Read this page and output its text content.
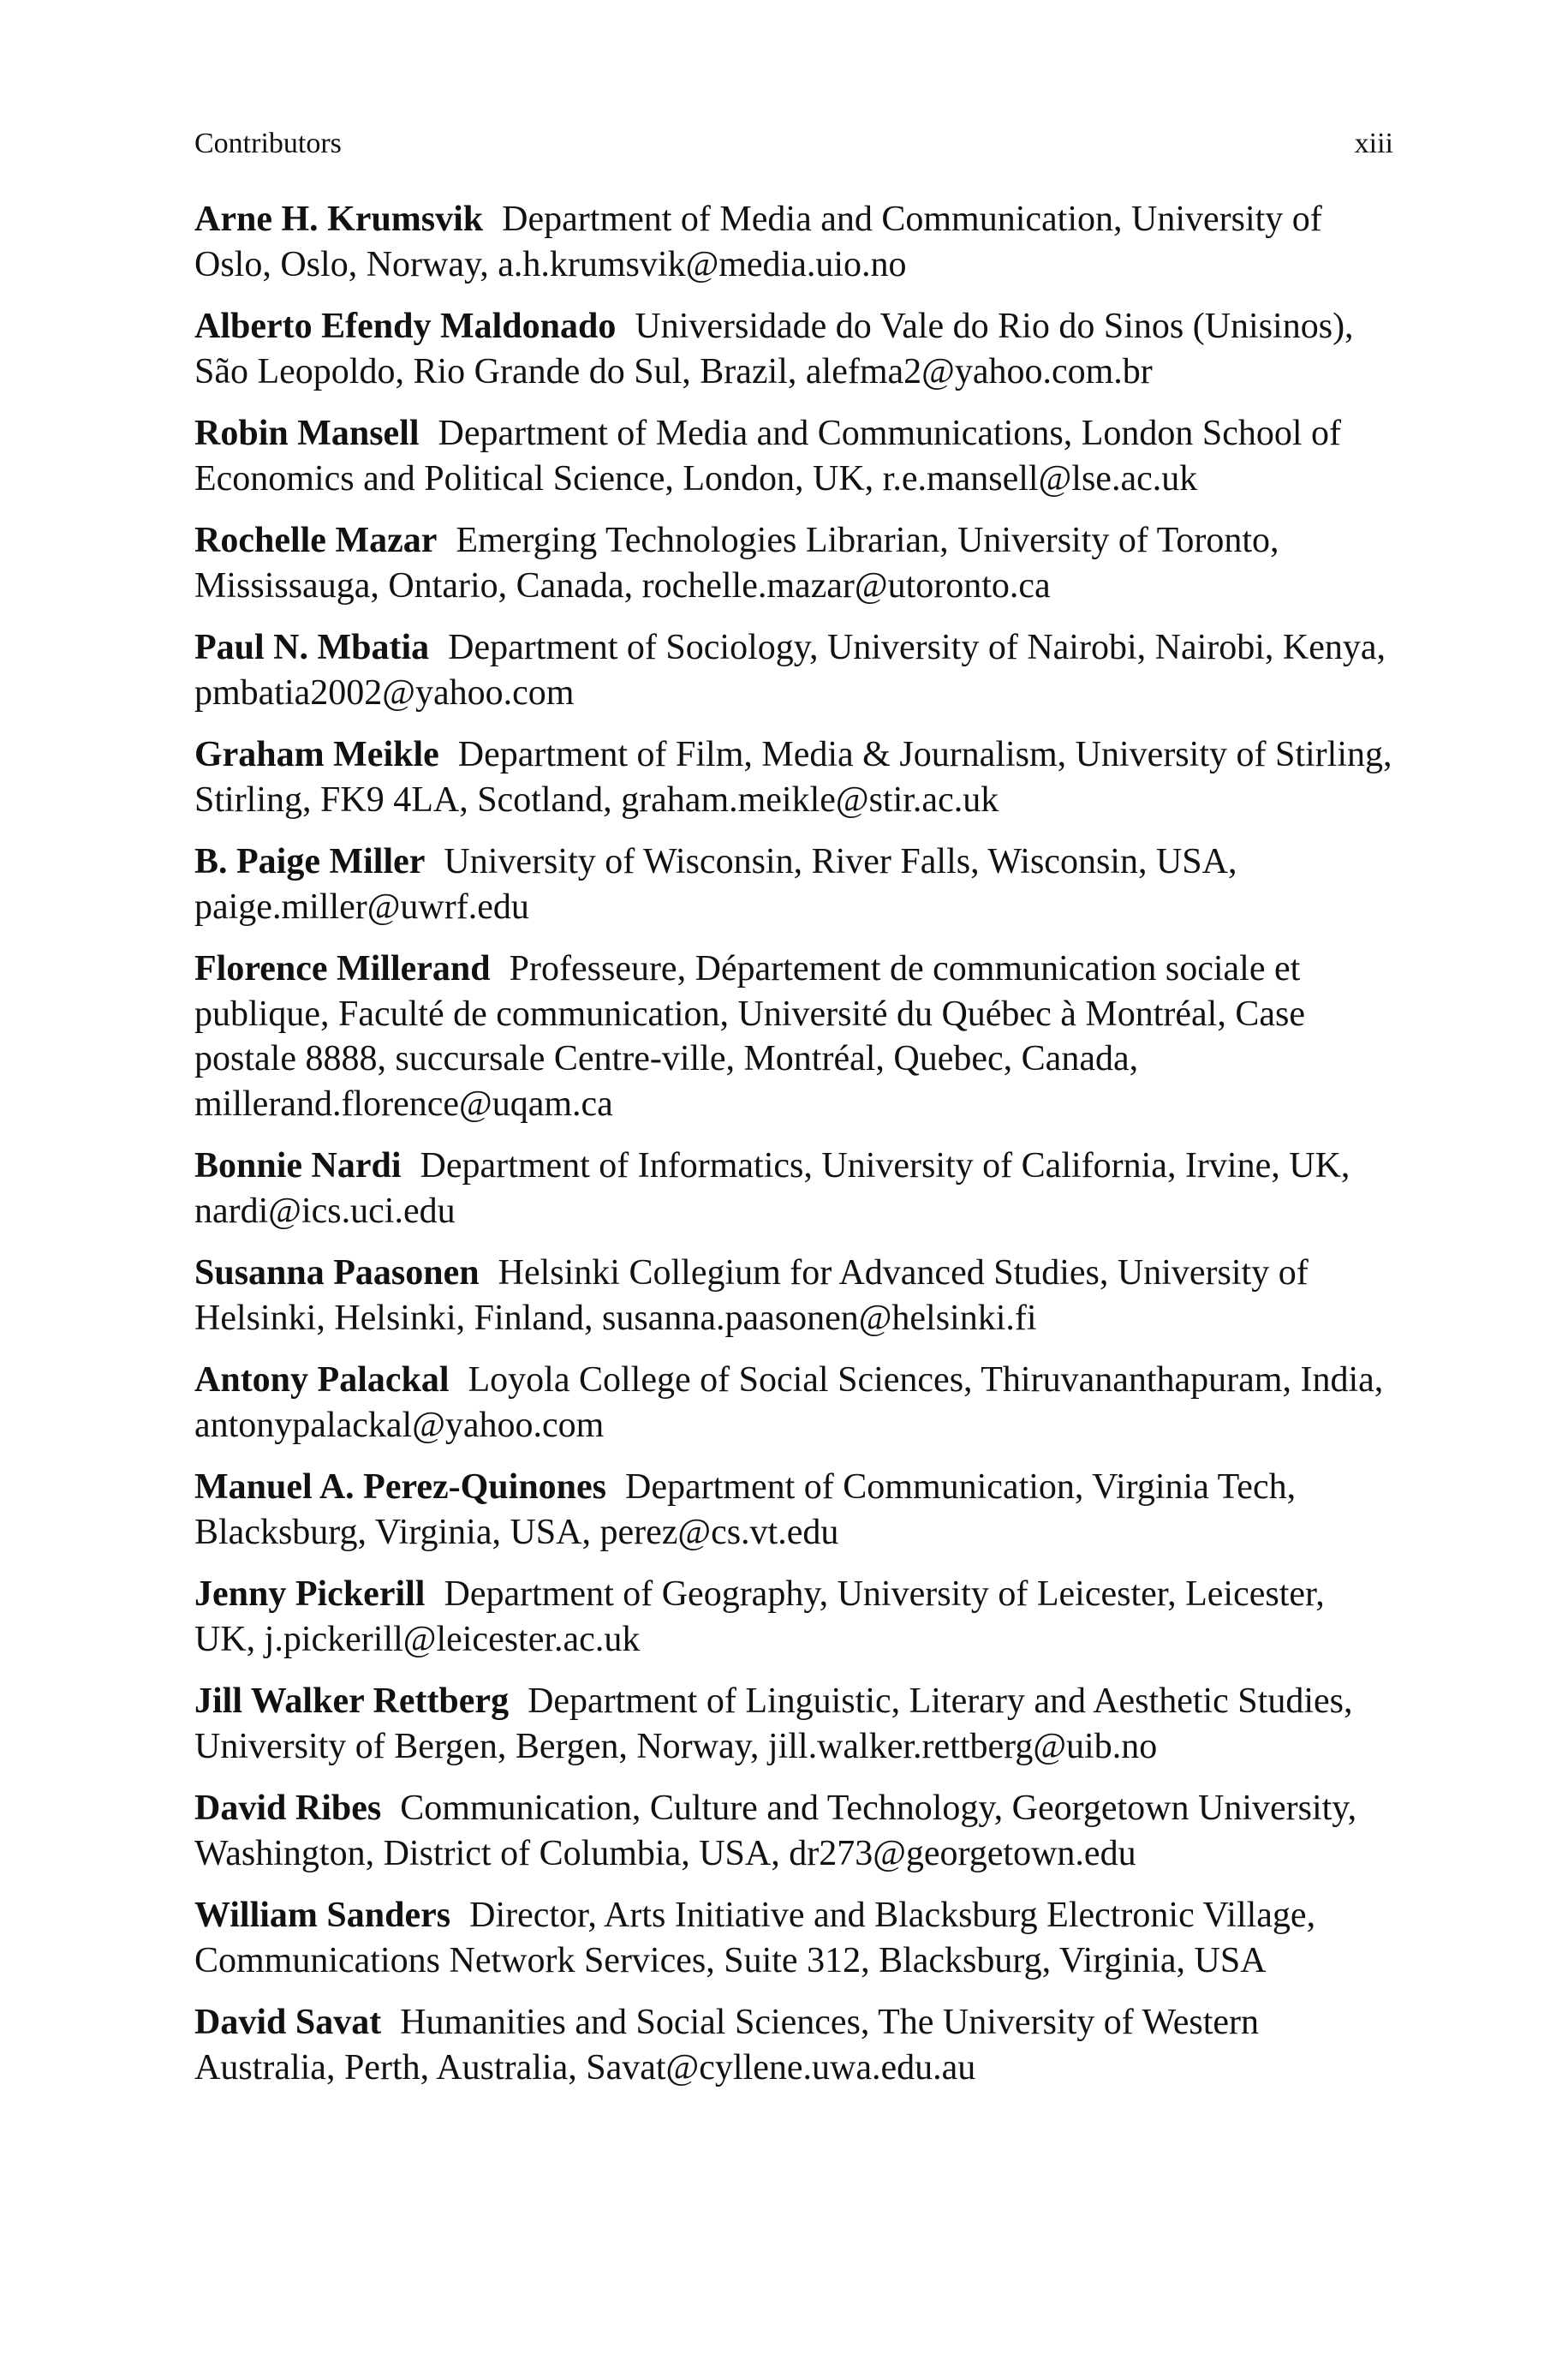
Contributors	xiii

Arne H. Krumsvik Department of Media and Communication, University of Oslo, Oslo, Norway, a.h.krumsvik@media.uio.no

Alberto Efendy Maldonado Universidade do Vale do Rio do Sinos (Unisinos), São Leopoldo, Rio Grande do Sul, Brazil, alefma2@yahoo.com.br

Robin Mansell Department of Media and Communications, London School of Economics and Political Science, London, UK, r.e.mansell@lse.ac.uk

Rochelle Mazar Emerging Technologies Librarian, University of Toronto, Mississauga, Ontario, Canada, rochelle.mazar@utoronto.ca

Paul N. Mbatia Department of Sociology, University of Nairobi, Nairobi, Kenya, pmbatia2002@yahoo.com

Graham Meikle Department of Film, Media & Journalism, University of Stirling, Stirling, FK9 4LA, Scotland, graham.meikle@stir.ac.uk

B. Paige Miller University of Wisconsin, River Falls, Wisconsin, USA, paige.miller@uwrf.edu

Florence Millerand Professeure, Département de communication sociale et publique, Faculté de communication, Université du Québec à Montréal, Case postale 8888, succursale Centre-ville, Montréal, Quebec, Canada, millerand.florence@uqam.ca

Bonnie Nardi Department of Informatics, University of California, Irvine, UK, nardi@ics.uci.edu

Susanna Paasonen Helsinki Collegium for Advanced Studies, University of Helsinki, Helsinki, Finland, susanna.paasonen@helsinki.fi

Antony Palackal Loyola College of Social Sciences, Thiruvananthapuram, India, antonypalackal@yahoo.com

Manuel A. Perez-Quinones Department of Communication, Virginia Tech, Blacksburg, Virginia, USA, perez@cs.vt.edu

Jenny Pickerill Department of Geography, University of Leicester, Leicester, UK, j.pickerill@leicester.ac.uk

Jill Walker Rettberg Department of Linguistic, Literary and Aesthetic Studies, University of Bergen, Bergen, Norway, jill.walker.rettberg@uib.no

David Ribes Communication, Culture and Technology, Georgetown University, Washington, District of Columbia, USA, dr273@georgetown.edu

William Sanders Director, Arts Initiative and Blacksburg Electronic Village, Communications Network Services, Suite 312, Blacksburg, Virginia, USA

David Savat Humanities and Social Sciences, The University of Western Australia, Perth, Australia, Savat@cyllene.uwa.edu.au
